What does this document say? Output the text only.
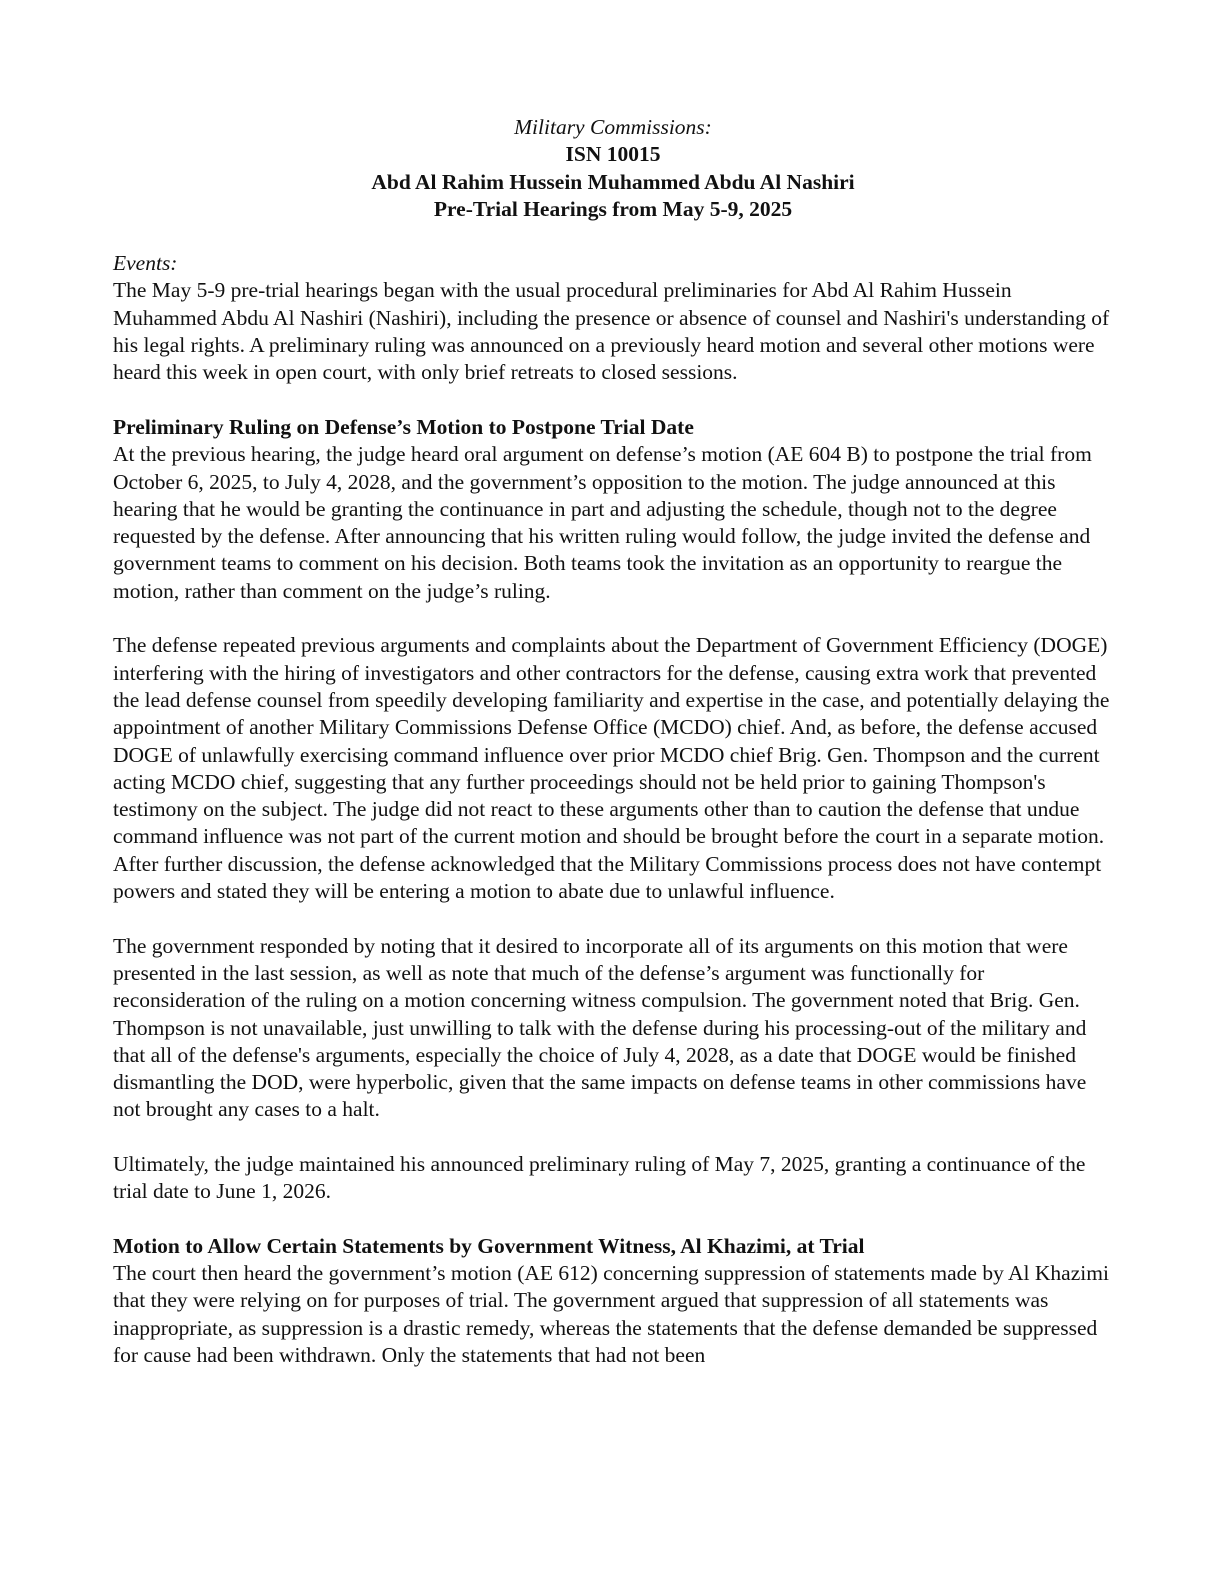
Military Commissions:
ISN 10015
Abd Al Rahim Hussein Muhammed Abdu Al Nashiri
Pre-Trial Hearings from May 5-9, 2025
Events:

The May 5-9 pre-trial hearings began with the usual procedural preliminaries for Abd Al Rahim Hussein Muhammed Abdu Al Nashiri (Nashiri), including the presence or absence of counsel and Nashiri's understanding of his legal rights. A preliminary ruling was announced on a previously heard motion and several other motions were heard this week in open court, with only brief retreats to closed sessions.

Preliminary Ruling on Defense’s Motion to Postpone Trial Date

At the previous hearing, the judge heard oral argument on defense’s motion (AE 604 B) to postpone the trial from October 6, 2025, to July 4, 2028, and the government’s opposition to the motion. The judge announced at this hearing that he would be granting the continuance in part and adjusting the schedule, though not to the degree requested by the defense. After announcing that his written ruling would follow, the judge invited the defense and government teams to comment on his decision. Both teams took the invitation as an opportunity to reargue the motion, rather than comment on the judge’s ruling.

The defense repeated previous arguments and complaints about the Department of Government Efficiency (DOGE) interfering with the hiring of investigators and other contractors for the defense, causing extra work that prevented the lead defense counsel from speedily developing familiarity and expertise in the case, and potentially delaying the appointment of another Military Commissions Defense Office (MCDO) chief. And, as before, the defense accused DOGE of unlawfully exercising command influence over prior MCDO chief Brig. Gen. Thompson and the current acting MCDO chief, suggesting that any further proceedings should not be held prior to gaining Thompson's testimony on the subject. The judge did not react to these arguments other than to caution the defense that undue command influence was not part of the current motion and should be brought before the court in a separate motion. After further discussion, the defense acknowledged that the Military Commissions process does not have contempt powers and stated they will be entering a motion to abate due to unlawful influence.

The government responded by noting that it desired to incorporate all of its arguments on this motion that were presented in the last session, as well as note that much of the defense’s argument was functionally for reconsideration of the ruling on a motion concerning witness compulsion. The government noted that Brig. Gen. Thompson is not unavailable, just unwilling to talk with the defense during his processing-out of the military and that all of the defense's arguments, especially the choice of July 4, 2028, as a date that DOGE would be finished dismantling the DOD, were hyperbolic, given that the same impacts on defense teams in other commissions have not brought any cases to a halt.

Ultimately, the judge maintained his announced preliminary ruling of May 7, 2025, granting a continuance of the trial date to June 1, 2026.

Motion to Allow Certain Statements by Government Witness, Al Khazimi, at Trial

The court then heard the government’s motion (AE 612) concerning suppression of statements made by Al Khazimi that they were relying on for purposes of trial. The government argued that suppression of all statements was inappropriate, as suppression is a drastic remedy, whereas the statements that the defense demanded be suppressed for cause had been withdrawn. Only the statements that had not been
